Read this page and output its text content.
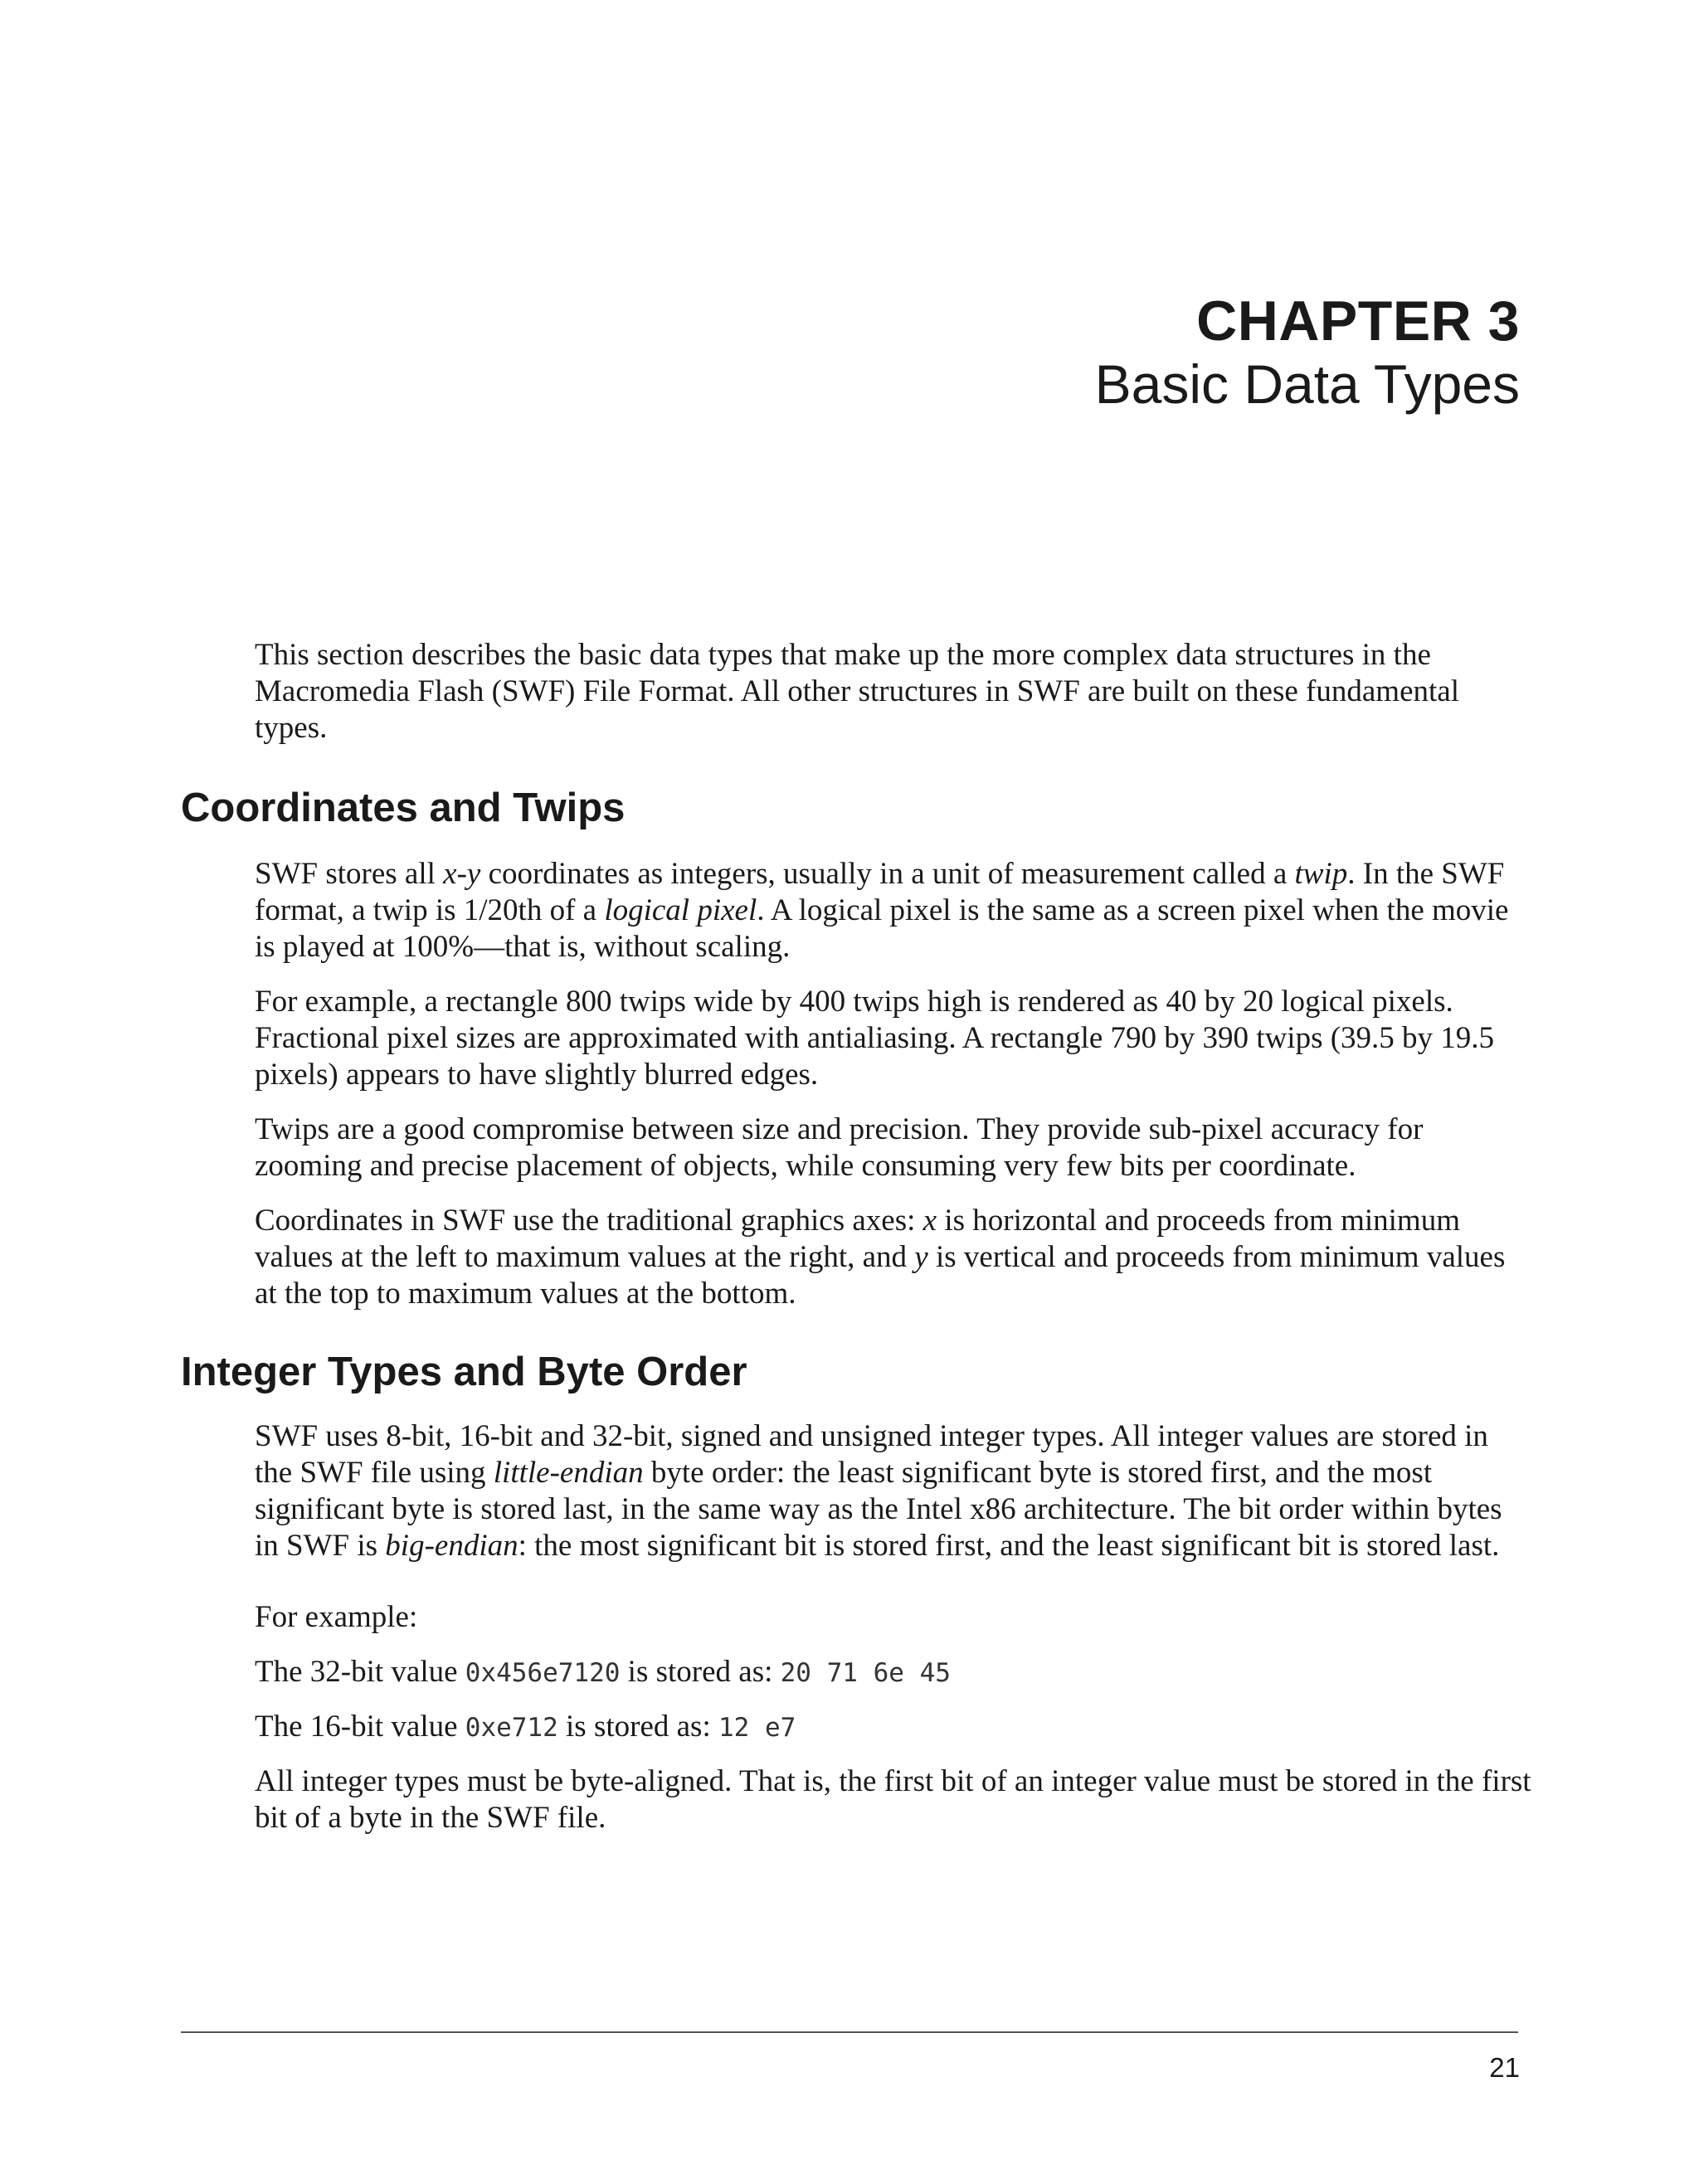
CHAPTER 3
Basic Data Types

This section describes the basic data types that make up the more complex data structures in the Macromedia Flash (SWF) File Format. All other structures in SWF are built on these fundamental types.

Coordinates and Twips

SWF stores all x-y coordinates as integers, usually in a unit of measurement called a twip. In the SWF format, a twip is 1/20th of a logical pixel. A logical pixel is the same as a screen pixel when the movie is played at 100%—that is, without scaling.

For example, a rectangle 800 twips wide by 400 twips high is rendered as 40 by 20 logical pixels. Fractional pixel sizes are approximated with antialiasing. A rectangle 790 by 390 twips (39.5 by 19.5 pixels) appears to have slightly blurred edges.

Twips are a good compromise between size and precision. They provide sub-pixel accuracy for zooming and precise placement of objects, while consuming very few bits per coordinate.

Coordinates in SWF use the traditional graphics axes: x is horizontal and proceeds from minimum values at the left to maximum values at the right, and y is vertical and proceeds from minimum values at the top to maximum values at the bottom.

Integer Types and Byte Order

SWF uses 8-bit, 16-bit and 32-bit, signed and unsigned integer types. All integer values are stored in the SWF file using little-endian byte order: the least significant byte is stored first, and the most significant byte is stored last, in the same way as the Intel x86 architecture. The bit order within bytes in SWF is big-endian: the most significant bit is stored first, and the least significant bit is stored last.

For example:

The 32-bit value 0x456e7120 is stored as: 20 71 6e 45

The 16-bit value 0xe712 is stored as: 12 e7

All integer types must be byte-aligned. That is, the first bit of an integer value must be stored in the first bit of a byte in the SWF file.

21
